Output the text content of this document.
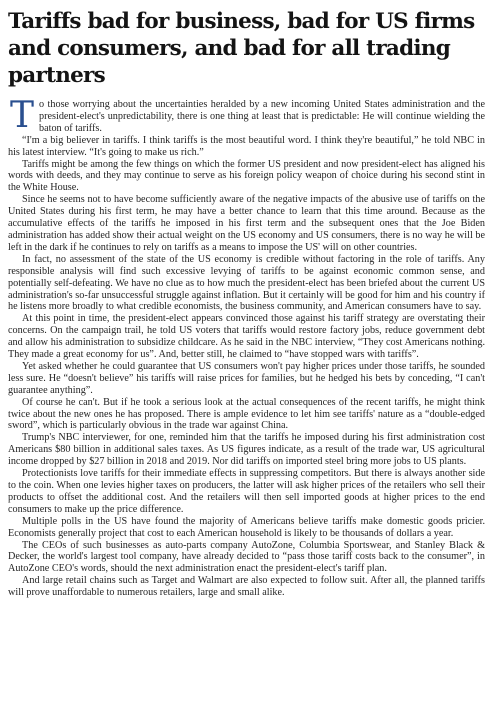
Tariffs bad for business, bad for US firms and consumers, and bad for all trading partners

To those worrying about the uncertainties heralded by a new incoming United States administration and the president-elect's unpredictability, there is one thing at least that is predictable: He will continue wielding the baton of tariffs.

“I'm a big believer in tariffs. I think tariffs is the most beautiful word. I think they're beautiful,” he told NBC in his latest interview. “It's going to make us rich.”

Tariffs might be among the few things on which the former US president and now president-elect has aligned his words with deeds, and they may continue to serve as his foreign policy weapon of choice during his second stint in the White House.

Since he seems not to have become sufficiently aware of the negative impacts of the abusive use of tariffs on the United States during his first term, he may have a better chance to learn that this time around. Because as the accumulative effects of the tariffs he imposed in his first term and the subsequent ones that the Joe Biden administration has added show their actual weight on the US economy and US consumers, there is no way he will be left in the dark if he continues to rely on tariffs as a means to impose the US' will on other countries.

In fact, no assessment of the state of the US economy is credible without factoring in the role of tariffs. Any responsible analysis will find such excessive levying of tariffs to be against economic common sense, and potentially self-defeating. We have no clue as to how much the president-elect has been briefed about the current US administration's so-far unsuccessful struggle against inflation. But it certainly will be good for him and his country if he listens more broadly to what credible economists, the business community, and American consumers have to say.

At this point in time, the president-elect appears convinced those against his tariff strategy are overstating their concerns. On the campaign trail, he told US voters that tariffs would restore factory jobs, reduce government debt and allow his administration to subsidize childcare. As he said in the NBC interview, “They cost Americans nothing. They made a great economy for us”. And, better still, he claimed to “have stopped wars with tariffs”.

Yet asked whether he could guarantee that US consumers won't pay higher prices under those tariffs, he sounded less sure. He “doesn't believe” his tariffs will raise prices for families, but he hedged his bets by conceding, “I can't guarantee anything”.

Of course he can't. But if he took a serious look at the actual consequences of the recent tariffs, he might think twice about the new ones he has proposed. There is ample evidence to let him see tariffs' nature as a “double-edged sword”, which is particularly obvious in the trade war against China.

Trump's NBC interviewer, for one, reminded him that the tariffs he imposed during his first administration cost Americans $80 billion in additional sales taxes. As US figures indicate, as a result of the trade war, US agricultural income dropped by $27 billion in 2018 and 2019. Nor did tariffs on imported steel bring more jobs to US plants.

Protectionists love tariffs for their immediate effects in suppressing competitors. But there is always another side to the coin. When one levies higher taxes on producers, the latter will ask higher prices of the retailers who sell their products to offset the additional cost. And the retailers will then sell imported goods at higher prices to the end consumers to make up the price difference.

Multiple polls in the US have found the majority of Americans believe tariffs make domestic goods pricier. Economists generally project that cost to each American household is likely to be thousands of dollars a year.

The CEOs of such businesses as auto-parts company AutoZone, Columbia Sportswear, and Stanley Black & Decker, the world's largest tool company, have already decided to “pass those tariff costs back to the consumer”, in AutoZone CEO's words, should the next administration enact the president-elect's tariff plan.

And large retail chains such as Target and Walmart are also expected to follow suit. After all, the planned tariffs will prove unaffordable to numerous retailers, large and small alike.
